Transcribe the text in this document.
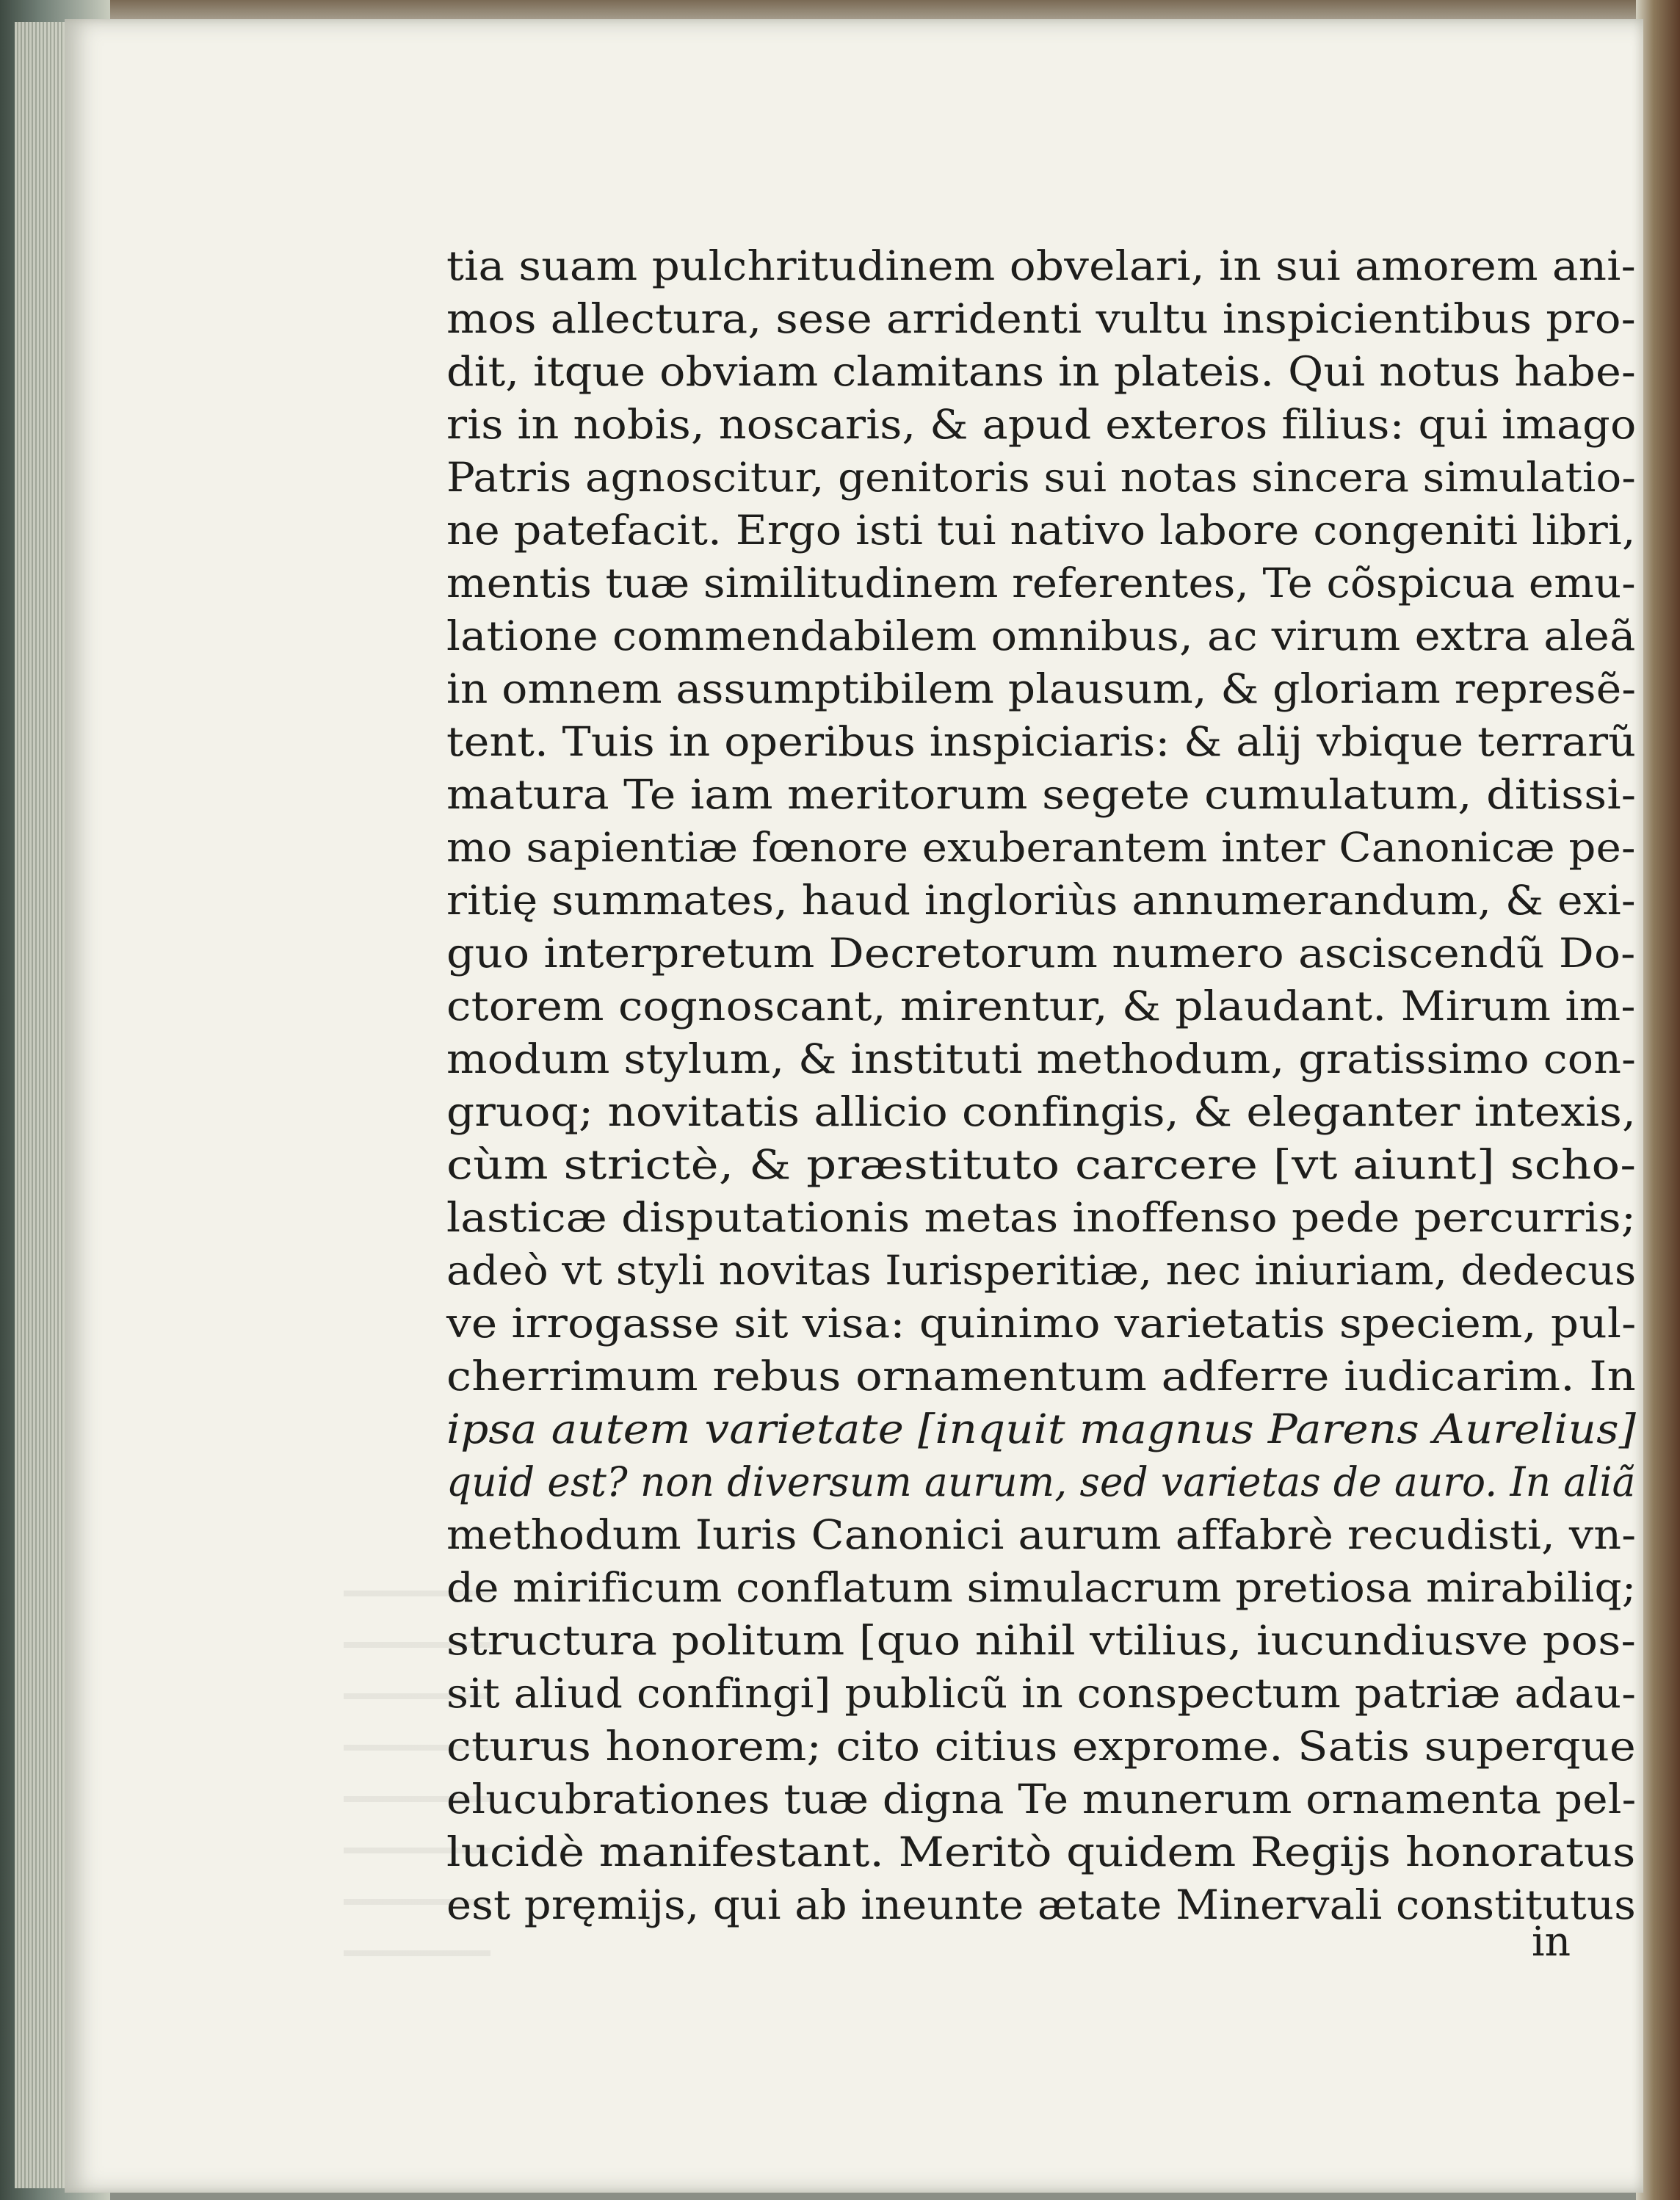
tia suam pulchritudinem obvelari, in sui amorem ani-
mos allectura, sese arridenti vultu inspicientibus pro-
dit, itque obviam clamitans in plateis. Qui notus habe-
ris in nobis, noscaris, & apud exteros filius: qui imago
Patris agnoscitur, genitoris sui notas sincera simulatio-
ne patefacit. Ergo isti tui nativo labore congeniti libri,
mentis tuæ similitudinem referentes, Te cõspicua emu-
latione commendabilem omnibus, ac virum extra aleã
in omnem assumptibilem plausum, & gloriam represẽ-
tent. Tuis in operibus inspiciaris: & alij vbique terrarũ
matura Te iam meritorum segete cumulatum, ditissi-
mo sapientiæ fœnore exuberantem inter Canonicæ pe-
ritię summates, haud ingloriùs annumerandum, & exi-
guo interpretum Decretorum numero asciscendũ Do-
ctorem cognoscant, mirentur, & plaudant. Mirum im-
modum stylum, & instituti methodum, gratissimo con-
gruoq; novitatis allicio confingis, & eleganter intexis,
cùm strictè, & præstituto carcere [vt aiunt] scho-
lasticæ disputationis metas inoffenso pede percurris;
adeò vt styli novitas Iurisperitiæ, nec iniuriam, dedecus
ve irrogasse sit visa: quinimo varietatis speciem, pul-
cherrimum rebus ornamentum adferre iudicarim. In
ipsa autem varietate [inquit magnus Parens Aurelius]
quid est? non diversum aurum, sed varietas de auro. In aliã
methodum Iuris Canonici aurum affabrè recudisti, vn-
de mirificum conflatum simulacrum pretiosa mirabiliq;
structura politum [quo nihil vtilius, iucundiusve pos-
sit aliud confingi] publicũ in conspectum patriæ adau-
cturus honorem; cito citius exprome. Satis superque
elucubrationes tuæ digna Te munerum ornamenta pel-
lucidè manifestant. Meritò quidem Regijs honoratus
est pręmijs, qui ab ineunte ætate Minervali constitutus
in
